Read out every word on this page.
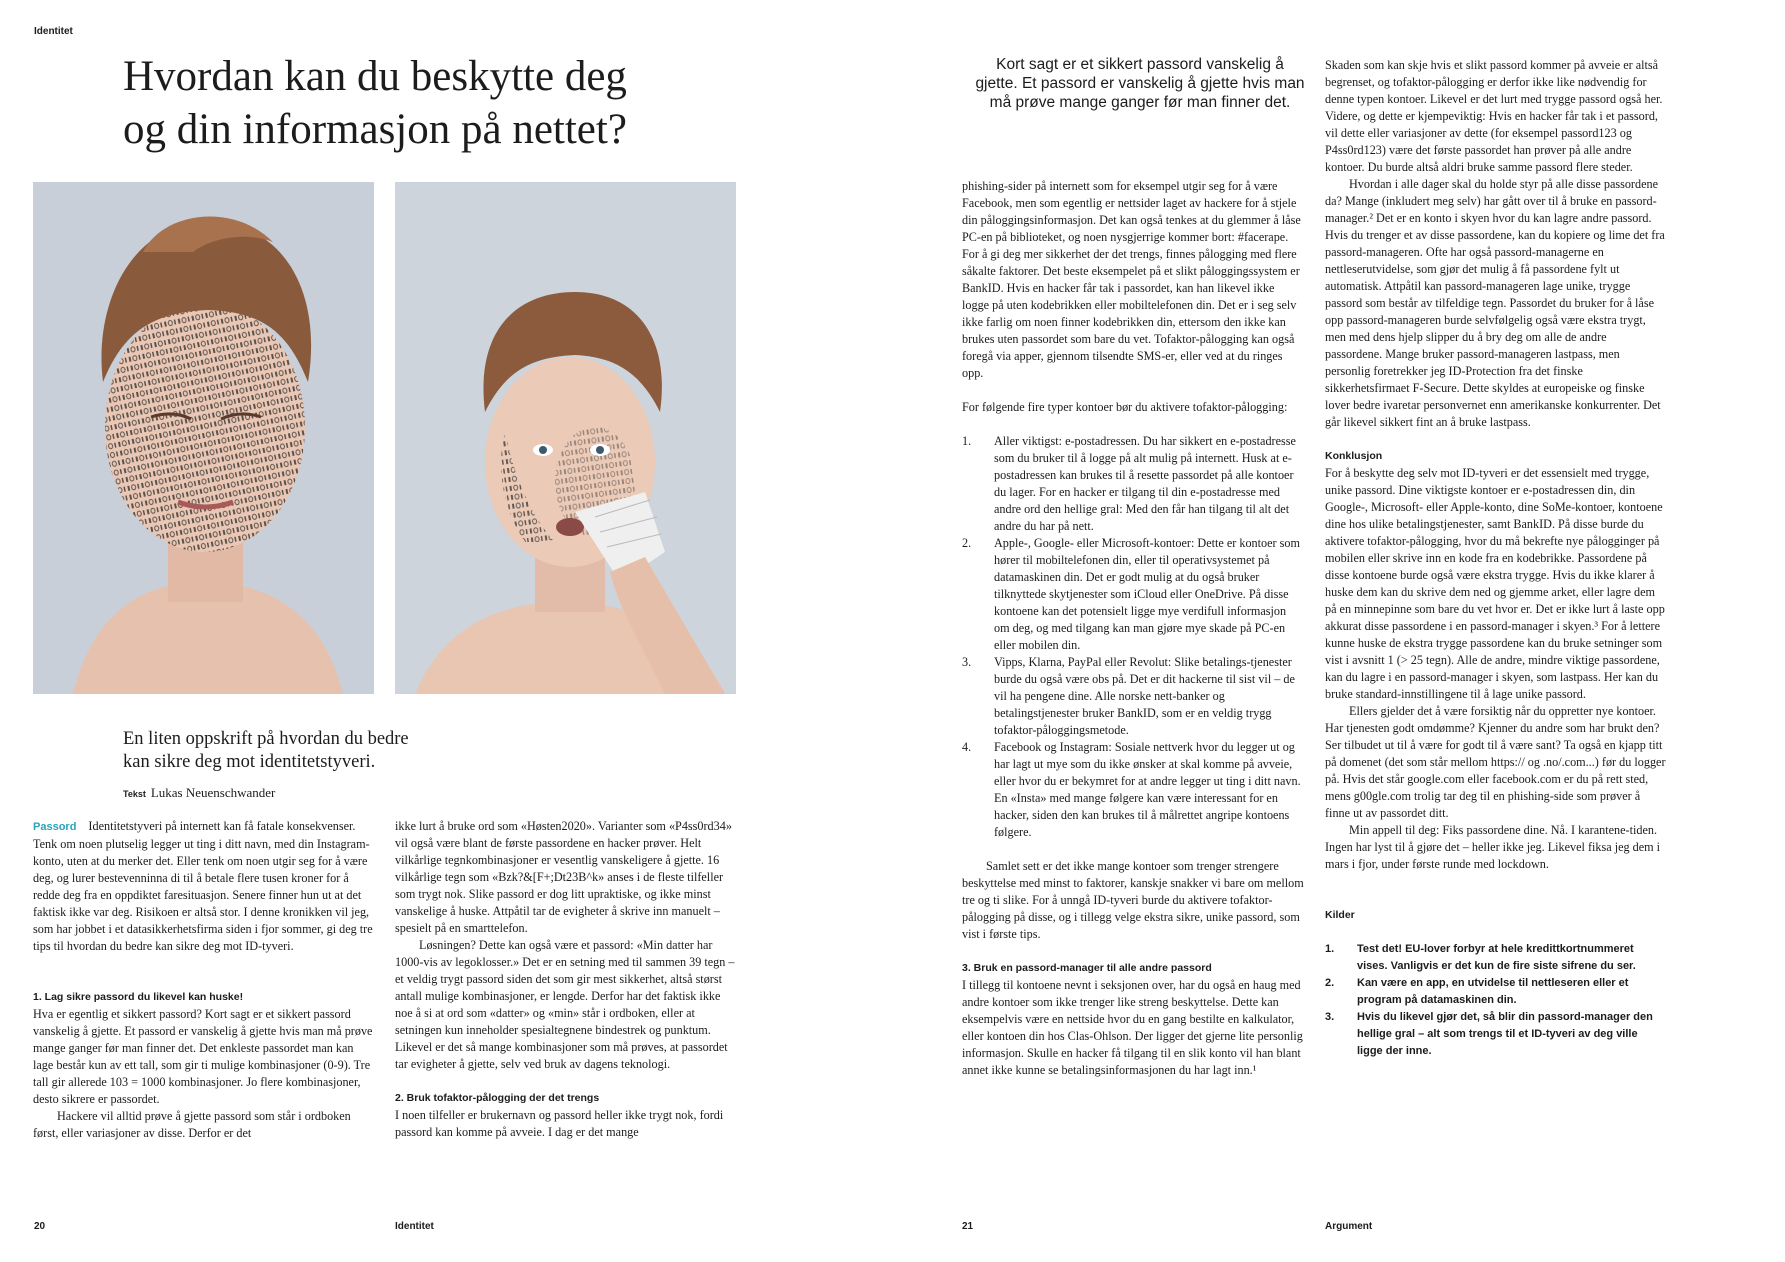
Identitet
Hvordan kan du beskytte deg
og din informasjon på nettet?
En liten oppskrift på hvordan du bedre
kan sikre deg mot identitetstyveri.
Tekst Lukas Neuenschwander

Passord Identitetstyveri på internett kan få fatale konsekvenser. Tenk om noen plutselig legger ut ting i ditt navn, med din Instagram-konto, uten at du merker det. Eller tenk om noen utgir seg for å være deg, og lurer bestevenninna di til å betale flere tusen kroner for å redde deg fra en oppdiktet faresituasjon. Senere finner hun ut at det faktisk ikke var deg. Risikoen er altså stor. I denne kronikken vil jeg, som har jobbet i et datasikkerhetsfirma siden i fjor sommer, gi deg tre tips til hvordan du bedre kan sikre deg mot ID-tyveri.

1. Lag sikre passord du likevel kan huske!

Hva er egentlig et sikkert passord? Kort sagt er et sikkert passord vanskelig å gjette. Et passord er vanskelig å gjette hvis man må prøve mange ganger før man finner det. Det enkleste passordet man kan lage består kun av ett tall, som gir ti mulige kombinasjoner (0-9). Tre tall gir allerede 103 = 1000 kombinasjoner. Jo flere kombinasjoner, desto sikrere er passordet.

Hackere vil alltid prøve å gjette passord som står i ordboken først, eller variasjoner av disse. Derfor er det

ikke lurt å bruke ord som «Høsten2020». Varianter som «P4ss0rd34» vil også være blant de første passordene en hacker prøver. Helt vilkårlige tegnkombinasjoner er vesentlig vanskeligere å gjette. 16 vilkårlige tegn som «Bzk?&[F+;Dt23B^k» anses i de fleste tilfeller som trygt nok. Slike passord er dog litt upraktiske, og ikke minst vanskelige å huske. Attpåtil tar de evigheter å skrive inn manuelt – spesielt på en smarttelefon.

Løsningen? Dette kan også være et passord: «Min datter har 1000-vis av legoklosser.» Det er en setning med til sammen 39 tegn – et veldig trygt passord siden det som gir mest sikkerhet, altså størst antall mulige kombinasjoner, er lengde. Derfor har det faktisk ikke noe å si at ord som «datter» og «min» står i ordboken, eller at setningen kun inneholder spesialtegnene bindestrek og punktum. Likevel er det så mange kombinasjoner som må prøves, at passordet tar evigheter å gjette, selv ved bruk av dagens teknologi.

2. Bruk tofaktor-pålogging der det trengs

I noen tilfeller er brukernavn og passord heller ikke trygt nok, fordi passord kan komme på avveie. I dag er det mange

20	Identitet
Kort sagt er et sikkert passord vanskelig å gjette. Et passord er vanskelig å gjette hvis man må prøve mange ganger før man finner det.

phishing-sider på internett som for eksempel utgir seg for å være Facebook, men som egentlig er nettsider laget av hackere for å stjele din påloggingsinformasjon. Det kan også tenkes at du glemmer å låse PC-en på biblioteket, og noen nysgjerrige kommer bort: #facerape. For å gi deg mer sikkerhet der det trengs, finnes pålogging med flere såkalte faktorer. Det beste eksempelet på et slikt påloggingssystem er BankID. Hvis en hacker får tak i passordet, kan han likevel ikke logge på uten kodebrikken eller mobiltelefonen din. Det er i seg selv ikke farlig om noen finner kodebrikken din, ettersom den ikke kan brukes uten passordet som bare du vet. Tofaktor-pålogging kan også foregå via apper, gjennom tilsendte SMS-er, eller ved at du ringes opp.

For følgende fire typer kontoer bør du aktivere tofaktor-pålogging:

1. Aller viktigst: e-postadressen. Du har sikkert en e-postadresse som du bruker til å logge på alt mulig på internett. Husk at e-postadressen kan brukes til å resette passordet på alle kontoer du lager. For en hacker er tilgang til din e-postadresse med andre ord den hellige gral: Med den får han tilgang til alt det andre du har på nett.
2. Apple-, Google- eller Microsoft-kontoer: Dette er kontoer som hører til mobiltelefonen din, eller til operativsystemet på datamaskinen din. Det er godt mulig at du også bruker tilknyttede skytjenester som iCloud eller OneDrive. På disse kontoene kan det potensielt ligge mye verdifull informasjon om deg, og med tilgang kan man gjøre mye skade på PC-en eller mobilen din.
3. Vipps, Klarna, PayPal eller Revolut: Slike betalings-tjenester burde du også være obs på. Det er dit hackerne til sist vil – de vil ha pengene dine. Alle norske nett-banker og betalingstjenester bruker BankID, som er en veldig trygg tofaktor-påloggingsmetode.
4. Facebook og Instagram: Sosiale nettverk hvor du legger ut og har lagt ut mye som du ikke ønsker at skal komme på avveie, eller hvor du er bekymret for at andre legger ut ting i ditt navn. En «Insta» med mange følgere kan være interessant for en hacker, siden den kan brukes til å målrettet angripe kontoens følgere.

Samlet sett er det ikke mange kontoer som trenger strengere beskyttelse med minst to faktorer, kanskje snakker vi bare om mellom tre og ti slike. For å unngå ID-tyveri burde du aktivere tofaktor-pålogging på disse, og i tillegg velge ekstra sikre, unike passord, som vist i første tips.

3. Bruk en passord-manager til alle andre passord

I tillegg til kontoene nevnt i seksjonen over, har du også en haug med andre kontoer som ikke trenger like streng beskyttelse. Dette kan eksempelvis være en nettside hvor du en gang bestilte en kalkulator, eller kontoen din hos Clas-Ohlson. Der ligger det gjerne lite personlig informasjon. Skulle en hacker få tilgang til en slik konto vil han blant annet ikke kunne se betalingsinformasjonen du har lagt inn.¹

Skaden som kan skje hvis et slikt passord kommer på avveie er altså begrenset, og tofaktor-pålogging er derfor ikke like nødvendig for denne typen kontoer. Likevel er det lurt med trygge passord også her. Videre, og dette er kjempeviktig: Hvis en hacker får tak i et passord, vil dette eller variasjoner av dette (for eksempel passord123 og P4ss0rd123) være det første passordet han prøver på alle andre kontoer. Du burde altså aldri bruke samme passord flere steder.

Hvordan i alle dager skal du holde styr på alle disse passordene da? Mange (inkludert meg selv) har gått over til å bruke en passord-manager.² Det er en konto i skyen hvor du kan lagre andre passord. Hvis du trenger et av disse passordene, kan du kopiere og lime det fra passord-manageren. Ofte har også passord-managerne en nettleserutvidelse, som gjør det mulig å få passordene fylt ut automatisk. Attpåtil kan passord-manageren lage unike, trygge passord som består av tilfeldige tegn. Passordet du bruker for å låse opp passord-manageren burde selvfølgelig også være ekstra trygt, men med dens hjelp slipper du å bry deg om alle de andre passordene. Mange bruker passord-manageren lastpass, men personlig foretrekker jeg ID-Protection fra det finske sikkerhetsfirmaet F-Secure. Dette skyldes at europeiske og finske lover bedre ivaretar personvernet enn amerikanske konkurrenter. Det går likevel sikkert fint an å bruke lastpass.

Konklusjon

For å beskytte deg selv mot ID-tyveri er det essensielt med trygge, unike passord. Dine viktigste kontoer er e-postadressen din, din Google-, Microsoft- eller Apple-konto, dine SoMe-kontoer, kontoene dine hos ulike betalingstjenester, samt BankID. På disse burde du aktivere tofaktor-pålogging, hvor du må bekrefte nye pålogginger på mobilen eller skrive inn en kode fra en kodebrikke. Passordene på disse kontoene burde også være ekstra trygge. Hvis du ikke klarer å huske dem kan du skrive dem ned og gjemme arket, eller lagre dem på en minnepinne som bare du vet hvor er. Det er ikke lurt å laste opp akkurat disse passordene i en passord-manager i skyen.³ For å lettere kunne huske de ekstra trygge passordene kan du bruke setninger som vist i avsnitt 1 (> 25 tegn). Alle de andre, mindre viktige passordene, kan du lagre i en passord-manager i skyen, som lastpass. Her kan du bruke standard-innstillingene til å lage unike passord.

Ellers gjelder det å være forsiktig når du oppretter nye kontoer. Har tjenesten godt omdømme? Kjenner du andre som har brukt den? Ser tilbudet ut til å være for godt til å være sant? Ta også en kjapp titt på domenet (det som står mellom https:// og .no/.com...) før du logger på. Hvis det står google.com eller facebook.com er du på rett sted, mens g00gle.com trolig tar deg til en phishing-side som prøver å finne ut av passordet ditt.

Min appell til deg: Fiks passordene dine. Nå. I karantene-tiden. Ingen har lyst til å gjøre det – heller ikke jeg. Likevel fiksa jeg dem i mars i fjor, under første runde med lockdown.

Kilder

1. Test det! EU-lover forbyr at hele kredittkortnummeret vises. Vanligvis er det kun de fire siste sifrene du ser.
2. Kan være en app, en utvidelse til nettleseren eller et program på datamaskinen din.
3. Hvis du likevel gjør det, så blir din passord-manager den hellige gral – alt som trengs til et ID-tyveri av deg ville ligge der inne.
21	Argument
